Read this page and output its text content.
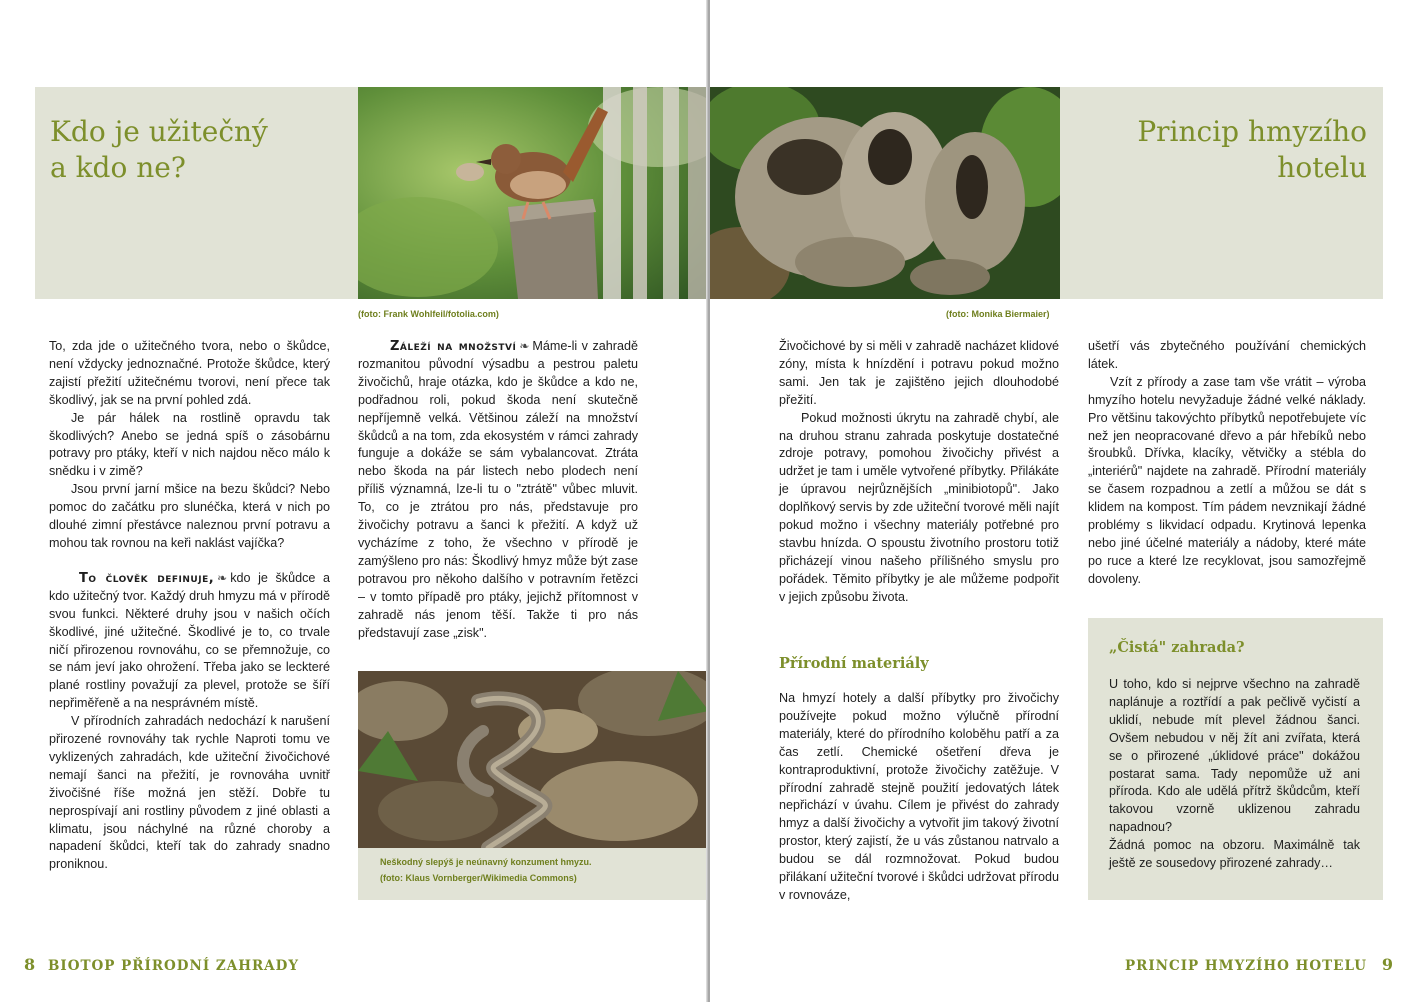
Kdo je užitečný
a kdo ne?
(foto: Frank Wohlfeil/fotolia.com)

To, zda jde o užitečného tvora, nebo o škůdce, není vždycky jednoznačné. Protože škůdce, který zajistí přežití užitečnému tvorovi, není přece tak škodlivý, jak se na první pohled zdá.

Je pár hálek na rostlině opravdu tak škodlivých? Anebo se jedná spíš o zásobárnu potravy pro ptáky, kteří v nich najdou něco málo k snědku i v zimě?

Jsou první jarní mšice na bezu škůdci? Nebo pomoc do začátku pro slunéčka, která v nich po dlouhé zimní přestávce naleznou první potravu a mohou tak rovnou na keři naklást vajíčka?

To člověk definuje, ❧ kdo je škůdce a kdo užitečný tvor. Každý druh hmyzu má v přírodě svou funkci. Některé druhy jsou v našich očích škodlivé, jiné užitečné. Škodlivé je to, co trvale ničí přirozenou rovnováhu, co se přemnožuje, co se nám jeví jako ohrožení. Třeba jako se leckteré plané rostliny považují za plevel, protože se šíří nepřiměřeně a na nesprávném místě.

V přírodních zahradách nedochází k narušení přirozené rovnováhy tak rychle Naproti tomu ve vyklizených zahradách, kde užiteční živočichové nemají šanci na přežití, je rovnováha uvnitř živočišné říše možná jen stěží. Dobře tu neprospívají ani rostliny původem z jiné oblasti a klimatu, jsou náchylné na různé choroby a napadení škůdci, kteří tak do zahrady snadno proniknou.

Záleží na množství ❧ Máme-li v zahradě rozmanitou původní výsadbu a pestrou paletu živočichů, hraje otázka, kdo je škůdce a kdo ne, podřadnou roli, pokud škoda není skutečně nepříjemně velká. Většinou záleží na množství škůdců a na tom, zda ekosystém v rámci zahrady funguje a dokáže se sám vybalancovat. Ztráta nebo škoda na pár listech nebo plodech není příliš významná, lze-li tu o "ztrátě" vůbec mluvit. To, co je ztrátou pro nás, představuje pro živočichy potravu a šanci k přežití. A když už vycházíme z toho, že všechno v přírodě je zamýšleno pro nás: Škodlivý hmyz může být zase potravou pro někoho dalšího v potravním řetězci – v tomto případě pro ptáky, jejichž přítomnost v zahradě nás jenom těší. Takže ti pro nás představují zase „zisk".

Neškodný slepýš je neúnavný konzument hmyzu.
(foto: Klaus Vornberger/Wikimedia Commons)
8 BIOTOP PŘÍRODNÍ ZAHRADY
Princip hmyzího
hotelu
(foto: Monika Biermaier)

Živočichové by si měli v zahradě nacházet klidové zóny, místa k hnízdění i potravu pokud možno sami. Jen tak je zajištěno jejich dlouhodobé přežití.

Pokud možnosti úkrytu na zahradě chybí, ale na druhou stranu zahrada poskytuje dostatečné zdroje potravy, pomohou živočichy přivést a udržet je tam i uměle vytvořené příbytky. Přilákáte je úpravou nejrůznějších „minibiotopů". Jako doplňkový servis by zde užiteční tvorové měli najít pokud možno i všechny materiály potřebné pro stavbu hnízda. O spoustu životního prostoru totiž přicházejí vinou našeho přílišného smyslu pro pořádek. Těmito příbytky je ale můžeme podpořit v jejich způsobu života.

Přírodní materiály

Na hmyzí hotely a další příbytky pro živočichy používejte pokud možno výlučně přírodní materiály, které do přírodního koloběhu patří a za čas zetlí. Chemické ošetření dřeva je kontraproduktivní, protože živočichy zatěžuje. V přírodní zahradě stejně použití jedovatých látek nepřichází v úvahu. Cílem je přivést do zahrady hmyz a další živočichy a vytvořit jim takový životní prostor, který zajistí, že u vás zůstanou natrvalo a budou se dál rozmnožovat. Pokud budou přilákaní užiteční tvorové i škůdci udržovat přírodu v rovnováze,

ušetří vás zbytečného používání chemických látek.

Vzít z přírody a zase tam vše vrátit – výroba hmyzího hotelu nevyžaduje žádné velké náklady. Pro většinu takovýchto příbytků nepotřebujete víc než jen neopracované dřevo a pár hřebíků nebo šroubků. Dřívka, klacíky, větvičky a stébla do „interiérů" najdete na zahradě. Přírodní materiály se časem rozpadnou a zetlí a můžou se dát s klidem na kompost. Tím pádem nevznikají žádné problémy s likvidací odpadu. Krytinová lepenka nebo jiné účelné materiály a nádoby, které máte po ruce a které lze recyklovat, jsou samozřejmě dovoleny.

„Čistá" zahrada?

U toho, kdo si nejprve všechno na zahradě naplánuje a roztřídí a pak pečlivě vyčistí a uklidí, nebude mít plevel žádnou šanci. Ovšem nebudou v něj žít ani zvířata, která se o přirozené „úklidové práce" dokážou postarat sama. Tady nepomůže už ani příroda. Kdo ale udělá přítrž škůdcům, kteří takovou vzorně uklizenou zahradu napadnou?

Žádná pomoc na obzoru. Maximálně tak ještě ze sousedovy přirozené zahrady…

PRINCIP HMYZÍHO HOTELU 9
